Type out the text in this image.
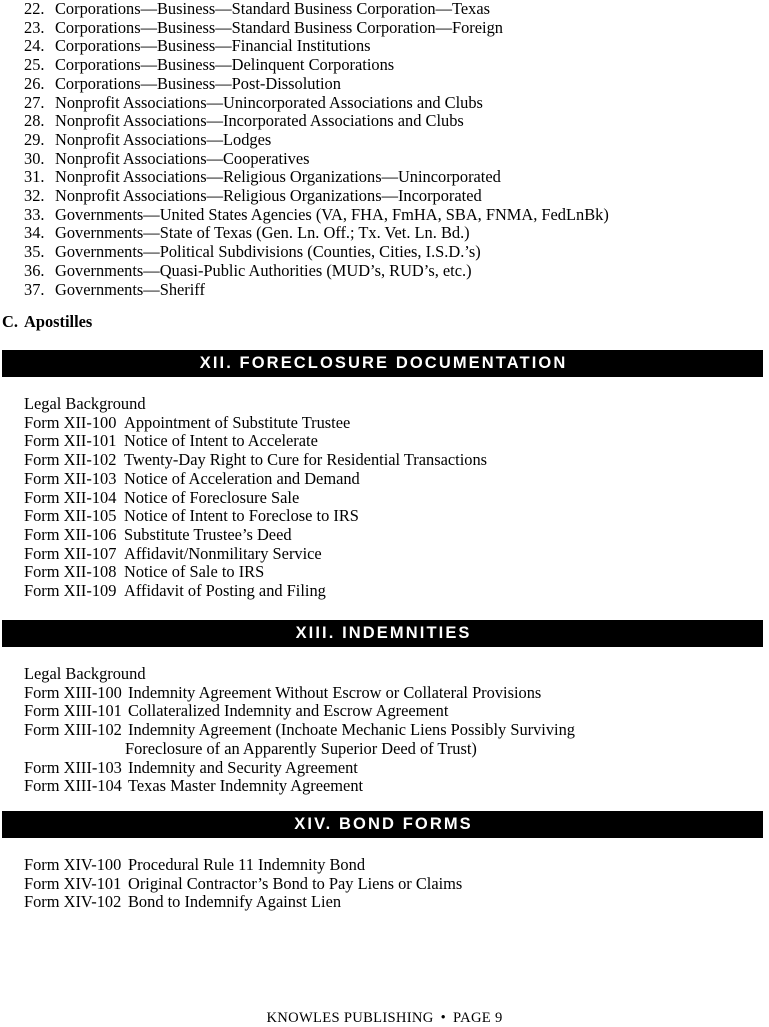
22. Corporations—Business—Standard Business Corporation—Texas
23. Corporations—Business—Standard Business Corporation—Foreign
24. Corporations—Business—Financial Institutions
25. Corporations—Business—Delinquent Corporations
26. Corporations—Business—Post-Dissolution
27. Nonprofit Associations—Unincorporated Associations and Clubs
28. Nonprofit Associations—Incorporated Associations and Clubs
29. Nonprofit Associations—Lodges
30. Nonprofit Associations—Cooperatives
31. Nonprofit Associations—Religious Organizations—Unincorporated
32. Nonprofit Associations—Religious Organizations—Incorporated
33. Governments—United States Agencies (VA, FHA, FmHA, SBA, FNMA, FedLnBk)
34. Governments—State of Texas (Gen. Ln. Off.; Tx. Vet. Ln. Bd.)
35. Governments—Political Subdivisions (Counties, Cities, I.S.D.’s)
36. Governments—Quasi-Public Authorities (MUD’s, RUD’s, etc.)
37. Governments—Sheriff
C. Apostilles
XII. FORECLOSURE DOCUMENTATION
Legal Background
Form XII-100 Appointment of Substitute Trustee
Form XII-101 Notice of Intent to Accelerate
Form XII-102 Twenty-Day Right to Cure for Residential Transactions
Form XII-103 Notice of Acceleration and Demand
Form XII-104 Notice of Foreclosure Sale
Form XII-105 Notice of Intent to Foreclose to IRS
Form XII-106 Substitute Trustee’s Deed
Form XII-107 Affidavit/Nonmilitary Service
Form XII-108 Notice of Sale to IRS
Form XII-109 Affidavit of Posting and Filing
XIII. INDEMNITIES
Legal Background
Form XIII-100 Indemnity Agreement Without Escrow or Collateral Provisions
Form XIII-101 Collateralized Indemnity and Escrow Agreement
Form XIII-102 Indemnity Agreement (Inchoate Mechanic Liens Possibly Surviving
Foreclosure of an Apparently Superior Deed of Trust)
Form XIII-103 Indemnity and Security Agreement
Form XIII-104 Texas Master Indemnity Agreement
XIV. BOND FORMS
Form XIV-100 Procedural Rule 11 Indemnity Bond
Form XIV-101 Original Contractor’s Bond to Pay Liens or Claims
Form XIV-102 Bond to Indemnify Against Lien
KNOWLES PUBLISHING • PAGE 9
